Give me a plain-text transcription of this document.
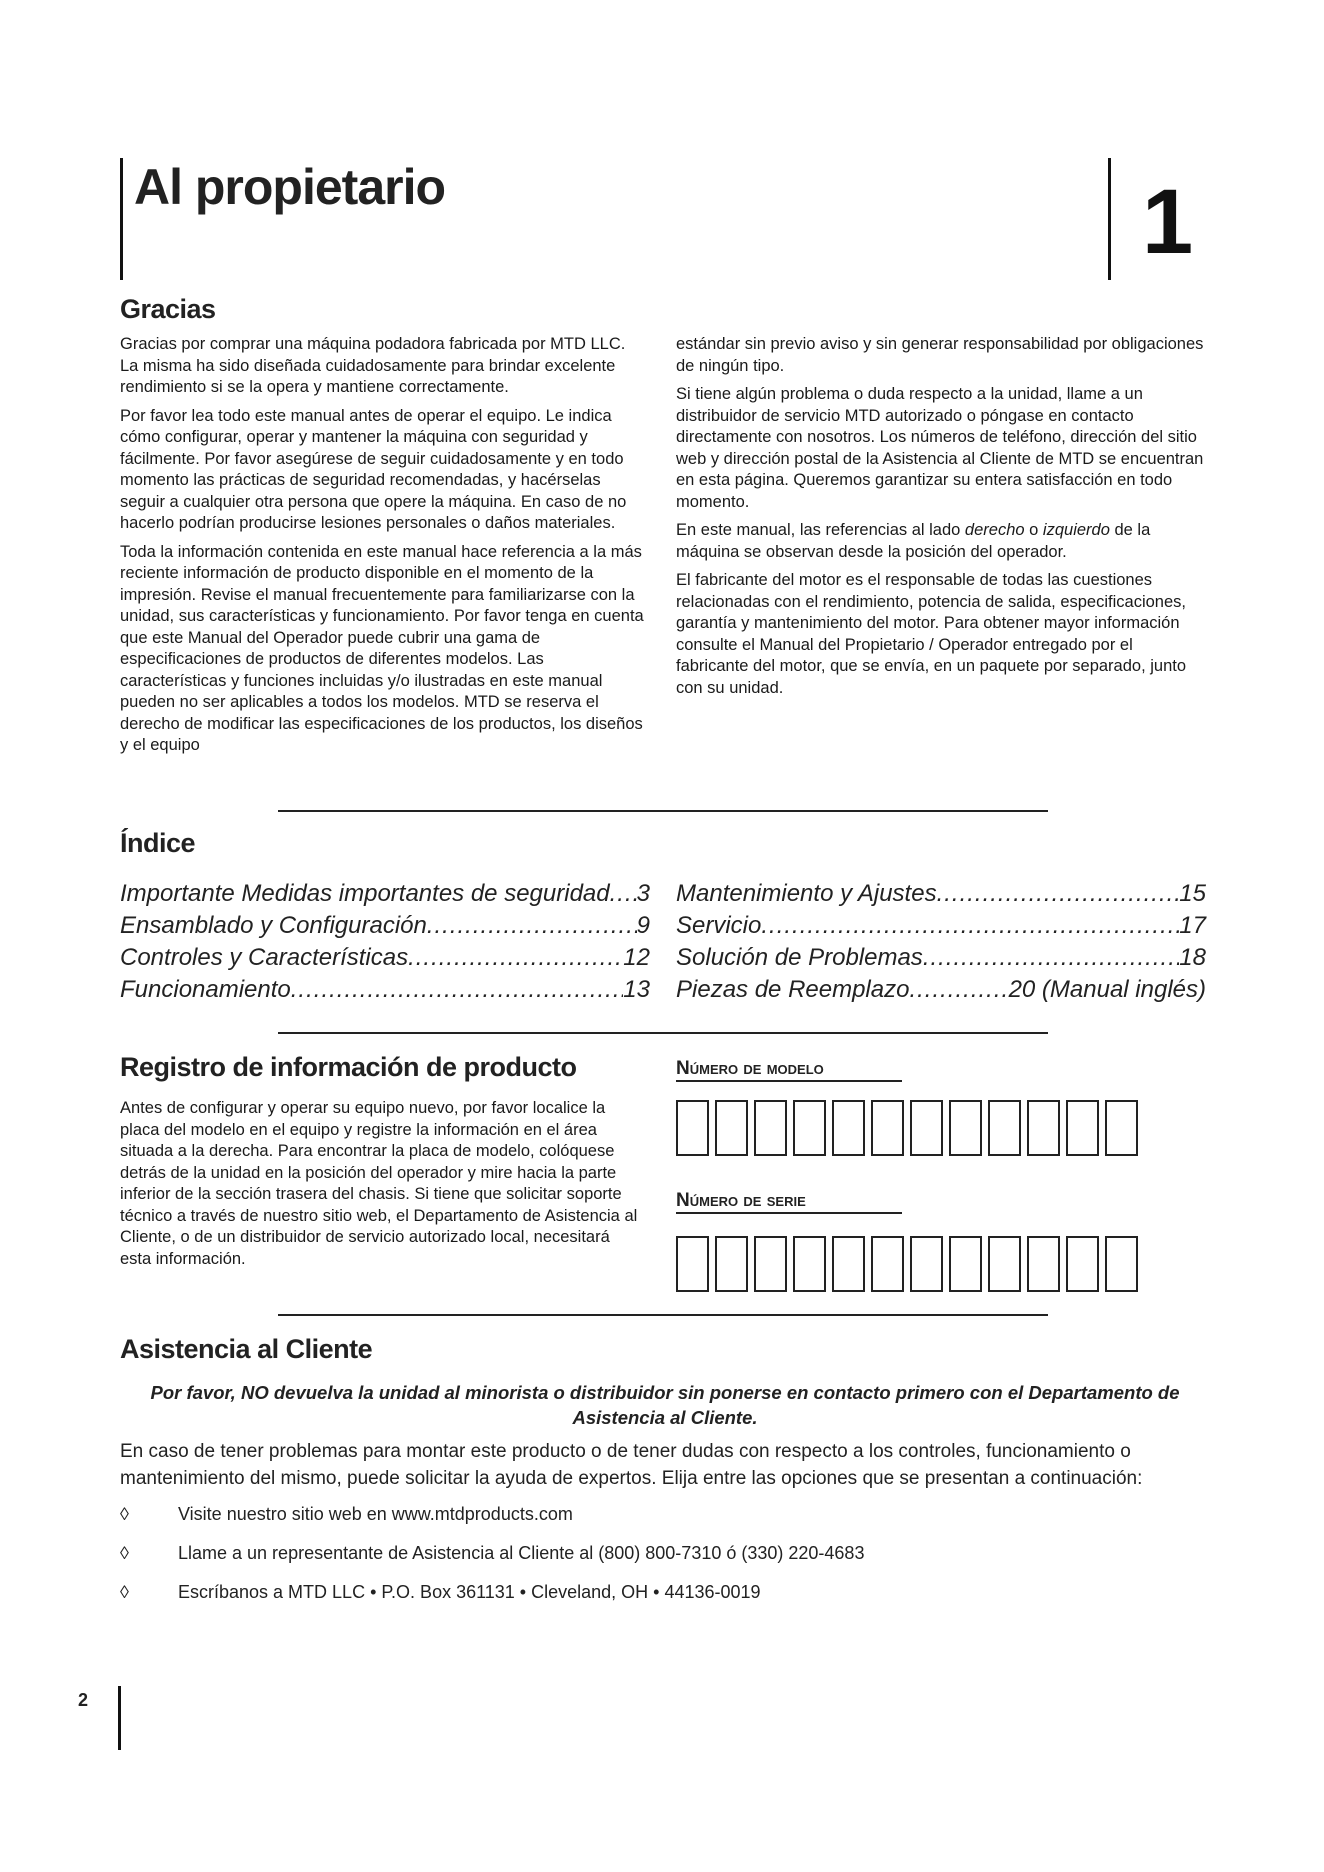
Al propietario	1
Gracias

Gracias por comprar una máquina podadora fabricada por MTD LLC. La misma ha sido diseñada cuidadosamente para brindar excelente rendimiento si se la opera y mantiene correctamente.

Por favor lea todo este manual antes de operar el equipo. Le indica cómo configurar, operar y mantener la máquina con seguridad y fácilmente. Por favor asegúrese de seguir cuidadosamente y en todo momento las prácticas de seguridad recomendadas, y hacérselas seguir a cualquier otra persona que opere la máquina. En caso de no hacerlo podrían producirse lesiones personales o daños materiales.

Toda la información contenida en este manual hace referencia a la más reciente información de producto disponible en el momento de la impresión. Revise el manual frecuentemente para familiarizarse con la unidad, sus características y funcionamiento. Por favor tenga en cuenta que este Manual del Operador puede cubrir una gama de especificaciones de productos de diferentes modelos. Las características y funciones incluidas y/o ilustradas en este manual pueden no ser aplicables a todos los modelos. MTD se reserva el derecho de modificar las especificaciones de los productos, los diseños y el equipo

estándar sin previo aviso y sin generar responsabilidad por obligaciones de ningún tipo.

Si tiene algún problema o duda respecto a la unidad, llame a un distribuidor de servicio MTD autorizado o póngase en contacto directamente con nosotros. Los números de teléfono, dirección del sitio web y dirección postal de la Asistencia al Cliente de MTD se encuentran en esta página. Queremos garantizar su entera satisfacción en todo momento.

En este manual, las referencias al lado derecho o izquierdo de la máquina se observan desde la posición del operador.

El fabricante del motor es el responsable de todas las cuestiones relacionadas con el rendimiento, potencia de salida, especificaciones, garantía y mantenimiento del motor. Para obtener mayor información consulte el Manual del Propietario / Operador entregado por el fabricante del motor, que se envía, en un paquete por separado, junto con su unidad.

Índice
Importante Medidas importantes de seguridad ..... 3
Ensamblado y Configuración .....	9
Controles y Características .....	12
Funcionamiento .....	13
Mantenimiento y Ajustes .....	15
Servicio .....	17
Solución de Problemas .....	18
Piezas de Reemplazo .....	20 (Manual inglés)
Registro de información de producto

Antes de configurar y operar su equipo nuevo, por favor localice la placa del modelo en el equipo y registre la información en el área situada a la derecha. Para encontrar la placa de modelo, colóquese detrás de la unidad en la posición del operador y mire hacia la parte inferior de la sección trasera del chasis. Si tiene que solicitar soporte técnico a través de nuestro sitio web, el Departamento de Asistencia al Cliente, o de un distribuidor de servicio autorizado local, necesitará esta información.

Número de modelo
Número de serie
Asistencia al Cliente
Por favor, NO devuelva la unidad al minorista o distribuidor sin ponerse en contacto primero con el Departamento de Asistencia al Cliente.
En caso de tener problemas para montar este producto o de tener dudas con respecto a los controles, funcionamiento o mantenimiento del mismo, puede solicitar la ayuda de expertos. Elija entre las opciones que se presentan a continuación:
◊	Visite nuestro sitio web en www.mtdproducts.com
◊	Llame a un representante de Asistencia al Cliente al (800) 800-7310 ó (330) 220-4683
◊	Escríbanos a MTD LLC • P.O. Box 361131 • Cleveland, OH • 44136-0019
2
